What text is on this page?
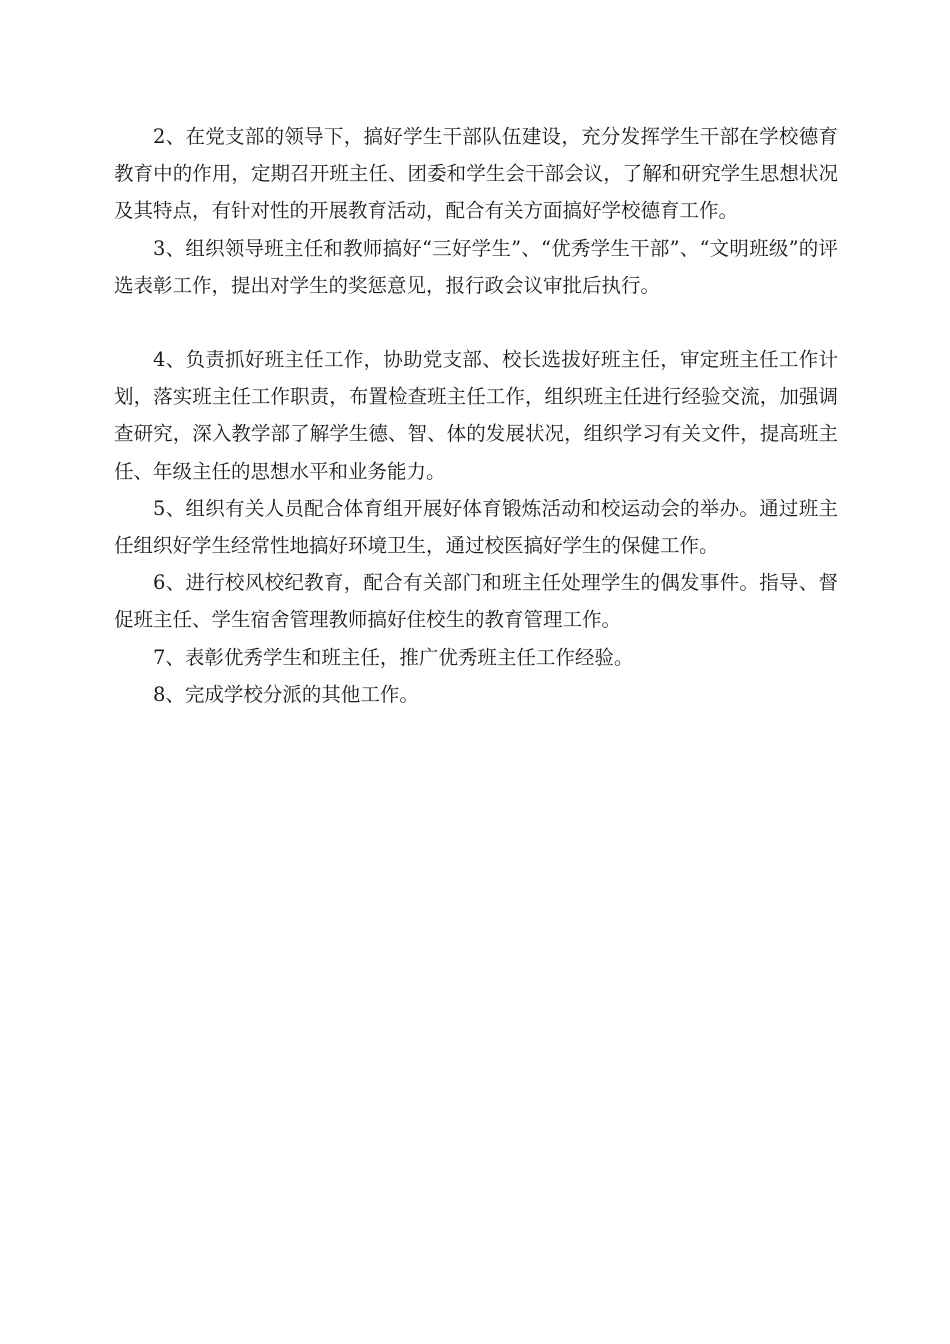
2、在党支部的领导下，搞好学生干部队伍建设，充分发挥学生干部在学校德育教育中的作用，定期召开班主任、团委和学生会干部会议，了解和研究学生思想状况及其特点，有针对性的开展教育活动，配合有关方面搞好学校德育工作。

3、组织领导班主任和教师搞好“三好学生”、“优秀学生干部”、“文明班级”的评选表彰工作，提出对学生的奖惩意见，报行政会议审批后执行。

4、负责抓好班主任工作，协助党支部、校长选拔好班主任，审定班主任工作计划，落实班主任工作职责，布置检查班主任工作，组织班主任进行经验交流，加强调查研究，深入教学部了解学生德、智、体的发展状况，组织学习有关文件，提高班主任、年级主任的思想水平和业务能力。

5、组织有关人员配合体育组开展好体育锻炼活动和校运动会的举办。通过班主任组织好学生经常性地搞好环境卫生，通过校医搞好学生的保健工作。

6、进行校风校纪教育，配合有关部门和班主任处理学生的偶发事件。指导、督促班主任、学生宿舍管理教师搞好住校生的教育管理工作。

7、表彰优秀学生和班主任，推广优秀班主任工作经验。

8、完成学校分派的其他工作。
